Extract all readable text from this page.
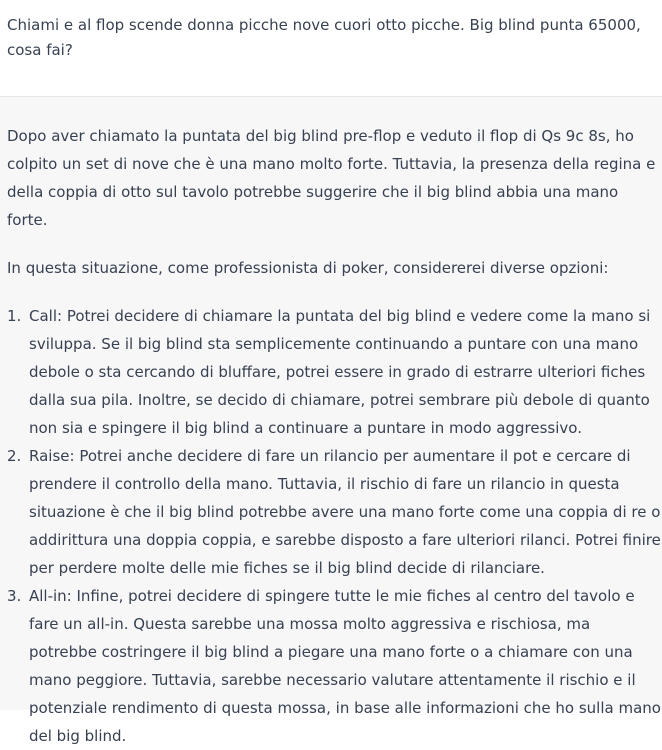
Chiami e al flop scende donna picche nove cuori otto picche. Big blind punta 65000, cosa fai?

Dopo aver chiamato la puntata del big blind pre-flop e veduto il flop di Qs 9c 8s, ho colpito un set di nove che è una mano molto forte. Tuttavia, la presenza della regina e della coppia di otto sul tavolo potrebbe suggerire che il big blind abbia una mano forte.

In questa situazione, come professionista di poker, considererei diverse opzioni:

1. Call: Potrei decidere di chiamare la puntata del big blind e vedere come la mano si sviluppa. Se il big blind sta semplicemente continuando a puntare con una mano debole o sta cercando di bluffare, potrei essere in grado di estrarre ulteriori fiches dalla sua pila. Inoltre, se decido di chiamare, potrei sembrare più debole di quanto non sia e spingere il big blind a continuare a puntare in modo aggressivo.
2. Raise: Potrei anche decidere di fare un rilancio per aumentare il pot e cercare di prendere il controllo della mano. Tuttavia, il rischio di fare un rilancio in questa situazione è che il big blind potrebbe avere una mano forte come una coppia di re o addirittura una doppia coppia, e sarebbe disposto a fare ulteriori rilanci. Potrei finire per perdere molte delle mie fiches se il big blind decide di rilanciare.
3. All-in: Infine, potrei decidere di spingere tutte le mie fiches al centro del tavolo e fare un all-in. Questa sarebbe una mossa molto aggressiva e rischiosa, ma potrebbe costringere il big blind a piegare una mano forte o a chiamare con una mano peggiore. Tuttavia, sarebbe necessario valutare attentamente il rischio e il potenziale rendimento di questa mossa, in base alle informazioni che ho sulla mano del big blind.
